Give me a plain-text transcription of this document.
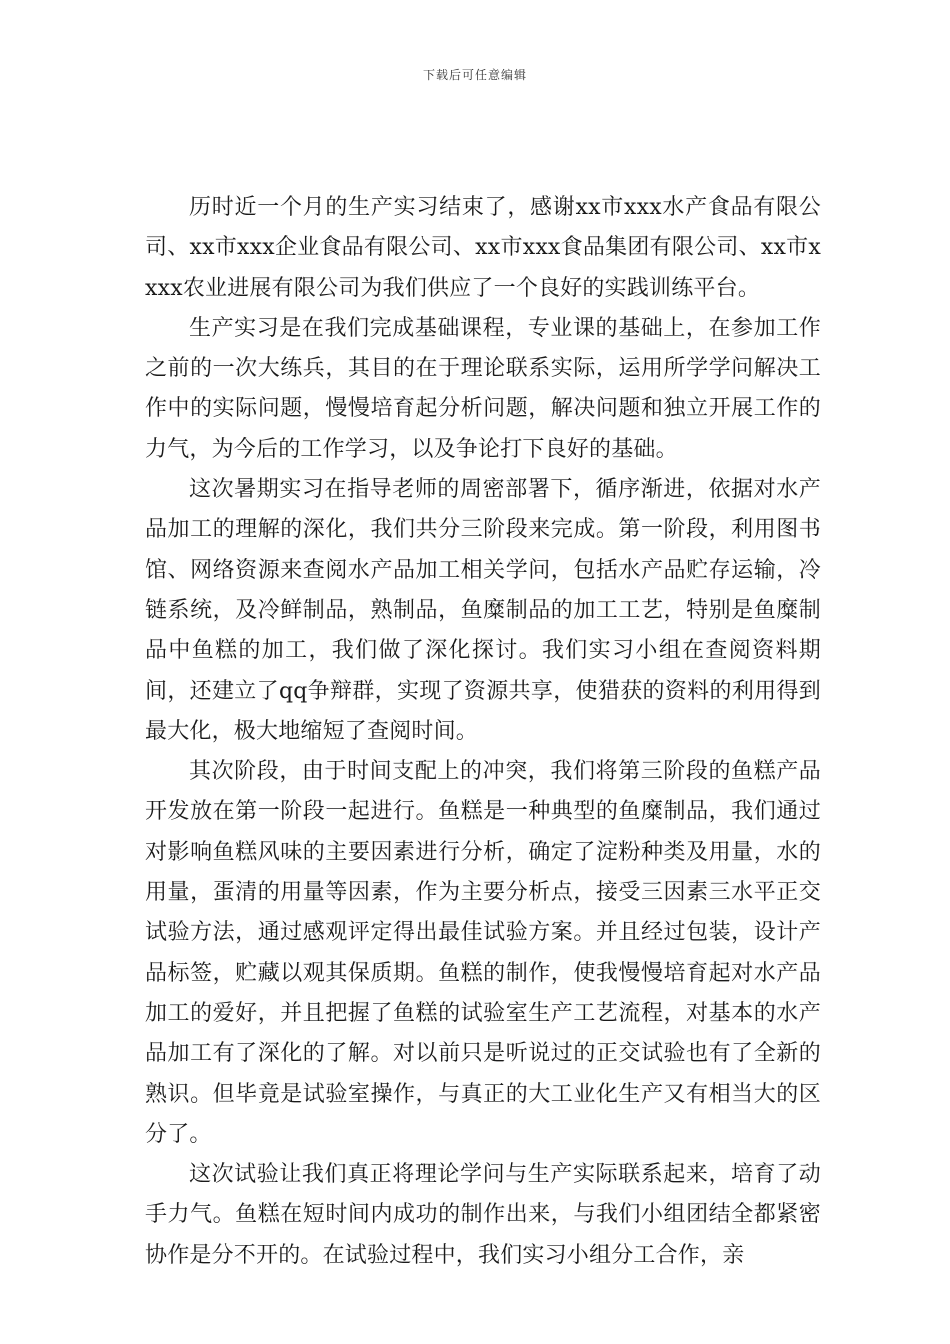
下载后可任意编辑

历时近一个月的生产实习结束了，感谢xx市xxx水产食品有限公司、xx市xxx企业食品有限公司、xx市xxx食品集团有限公司、xx市xxxx农业进展有限公司为我们供应了一个良好的实践训练平台。

生产实习是在我们完成基础课程，专业课的基础上，在参加工作之前的一次大练兵，其目的在于理论联系实际，运用所学学问解决工作中的实际问题，慢慢培育起分析问题，解决问题和独立开展工作的力气，为今后的工作学习，以及争论打下良好的基础。

这次暑期实习在指导老师的周密部署下，循序渐进，依据对水产品加工的理解的深化，我们共分三阶段来完成。第一阶段，利用图书馆、网络资源来查阅水产品加工相关学问，包括水产品贮存运输，冷链系统，及冷鲜制品，熟制品，鱼糜制品的加工工艺，特别是鱼糜制品中鱼糕的加工，我们做了深化探讨。我们实习小组在查阅资料期间，还建立了qq争辩群，实现了资源共享，使猎获的资料的利用得到最大化，极大地缩短了查阅时间。

其次阶段，由于时间支配上的冲突，我们将第三阶段的鱼糕产品开发放在第一阶段一起进行。鱼糕是一种典型的鱼糜制品，我们通过对影响鱼糕风味的主要因素进行分析，确定了淀粉种类及用量，水的用量，蛋清的用量等因素，作为主要分析点，接受三因素三水平正交试验方法，通过感观评定得出最佳试验方案。并且经过包装，设计产品标签，贮藏以观其保质期。鱼糕的制作，使我慢慢培育起对水产品加工的爱好，并且把握了鱼糕的试验室生产工艺流程，对基本的水产品加工有了深化的了解。对以前只是听说过的正交试验也有了全新的熟识。但毕竟是试验室操作，与真正的大工业化生产又有相当大的区分了。

这次试验让我们真正将理论学问与生产实际联系起来，培育了动手力气。鱼糕在短时间内成功的制作出来，与我们小组团结全都紧密协作是分不开的。在试验过程中，我们实习小组分工合作，亲
